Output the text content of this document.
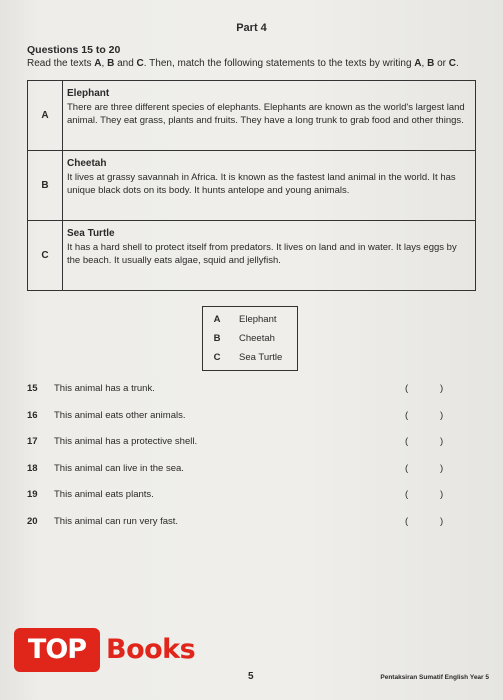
Part 4
Questions 15 to 20
Read the texts A, B and C. Then, match the following statements to the texts by writing A, B or C.
A	Elephant
There are three different species of elephants. Elephants are known as the world's largest land animal. They eat grass, plants and fruits. They have a long trunk to grab food and other things.
B	Cheetah
It lives at grassy savannah in Africa. It is known as the fastest land animal in the world. It has unique black dots on its body. It hunts antelope and young animals.
C	Sea Turtle
It has a hard shell to protect itself from predators. It lives on land and in water. It lays eggs by the beach. It usually eats algae, squid and jellyfish.
A	Elephant
B	Cheetah
C	Sea Turtle
15 This animal has a trunk.	(	)
16 This animal eats other animals.	(	)
17 This animal has a protective shell.	(	)
18 This animal can live in the sea.	(	)
19 This animal eats plants.	(	)
20 This animal can run very fast.	(	)
TOP Books
5	Pentaksiran Sumatif English Year 5
